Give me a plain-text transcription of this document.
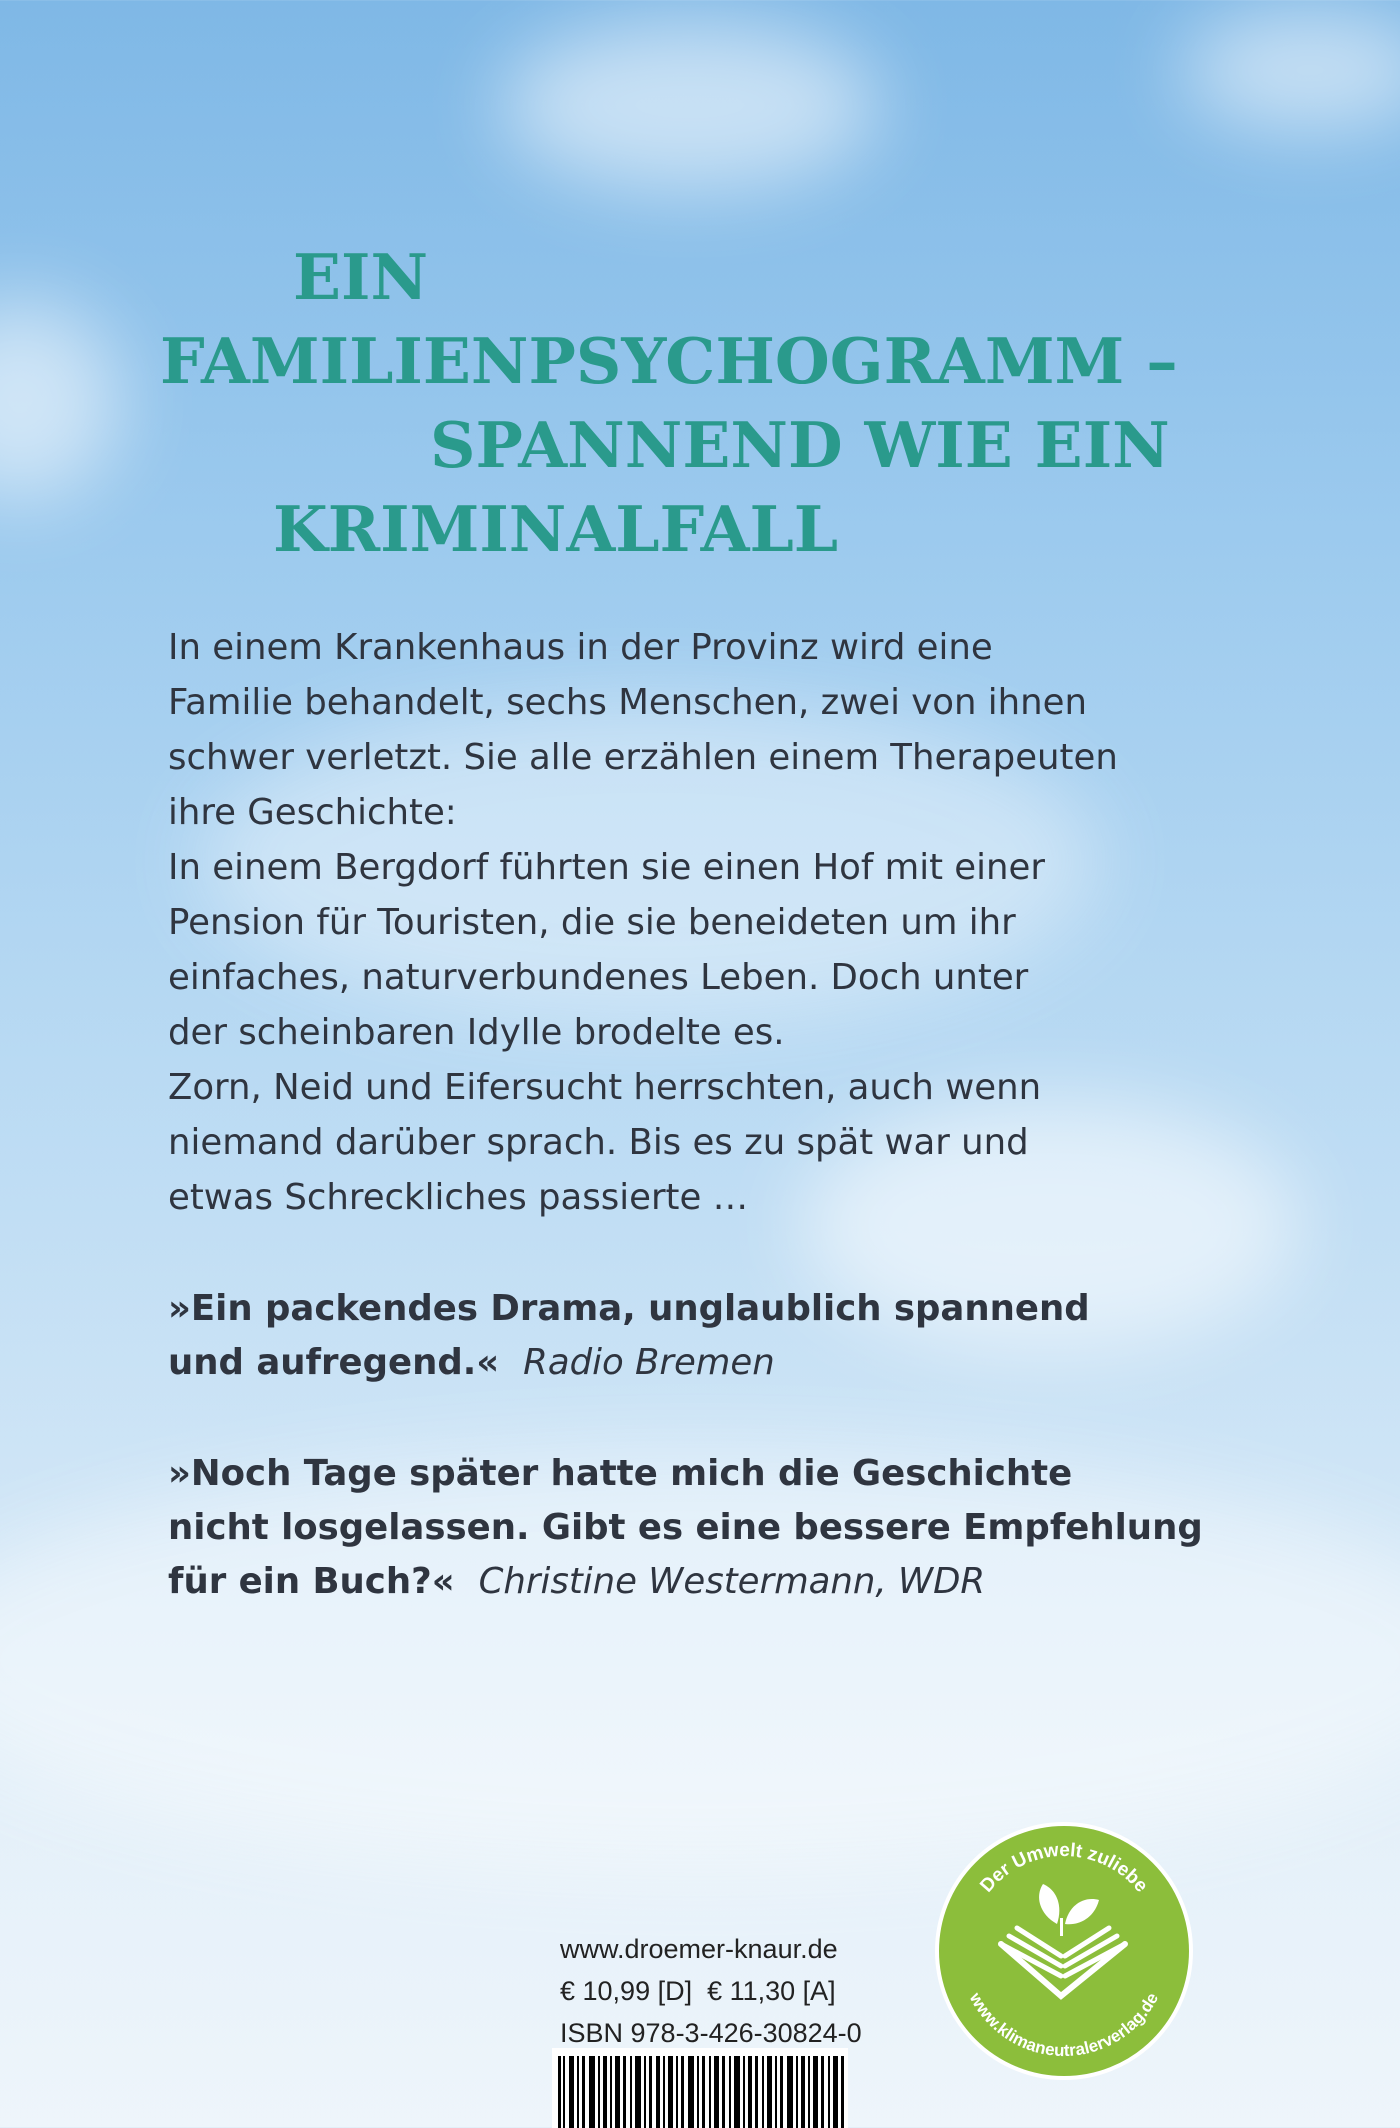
EIN
FAMILIENPSYCHOGRAMM –
SPANNEND WIE EIN
KRIMINALFALL

In einem Krankenhaus in der Provinz wird eine

Familie behandelt, sechs Menschen, zwei von ihnen

schwer verletzt. Sie alle erzählen einem Therapeuten

ihre Geschichte:

In einem Bergdorf führten sie einen Hof mit einer

Pension für Touristen, die sie beneideten um ihr

einfaches, naturverbundenes Leben. Doch unter

der scheinbaren Idylle brodelte es.

Zorn, Neid und Eifersucht herrschten, auch wenn

niemand darüber sprach. Bis es zu spät war und

etwas Schreckliches passierte …

»Ein packendes Drama, unglaublich spannend
und aufregend.« Radio Bremen
»Noch Tage später hatte mich die Geschichte
nicht losgelassen. Gibt es eine bessere Empfehlung
für ein Buch?« Christine Westermann, WDR
www.droemer-knaur.de
€ 10,99 [D]  € 11,30 [A]
ISBN 978-3-426-30824-0
Der Umwelt zuliebe
www.klimaneutralerverlag.de
